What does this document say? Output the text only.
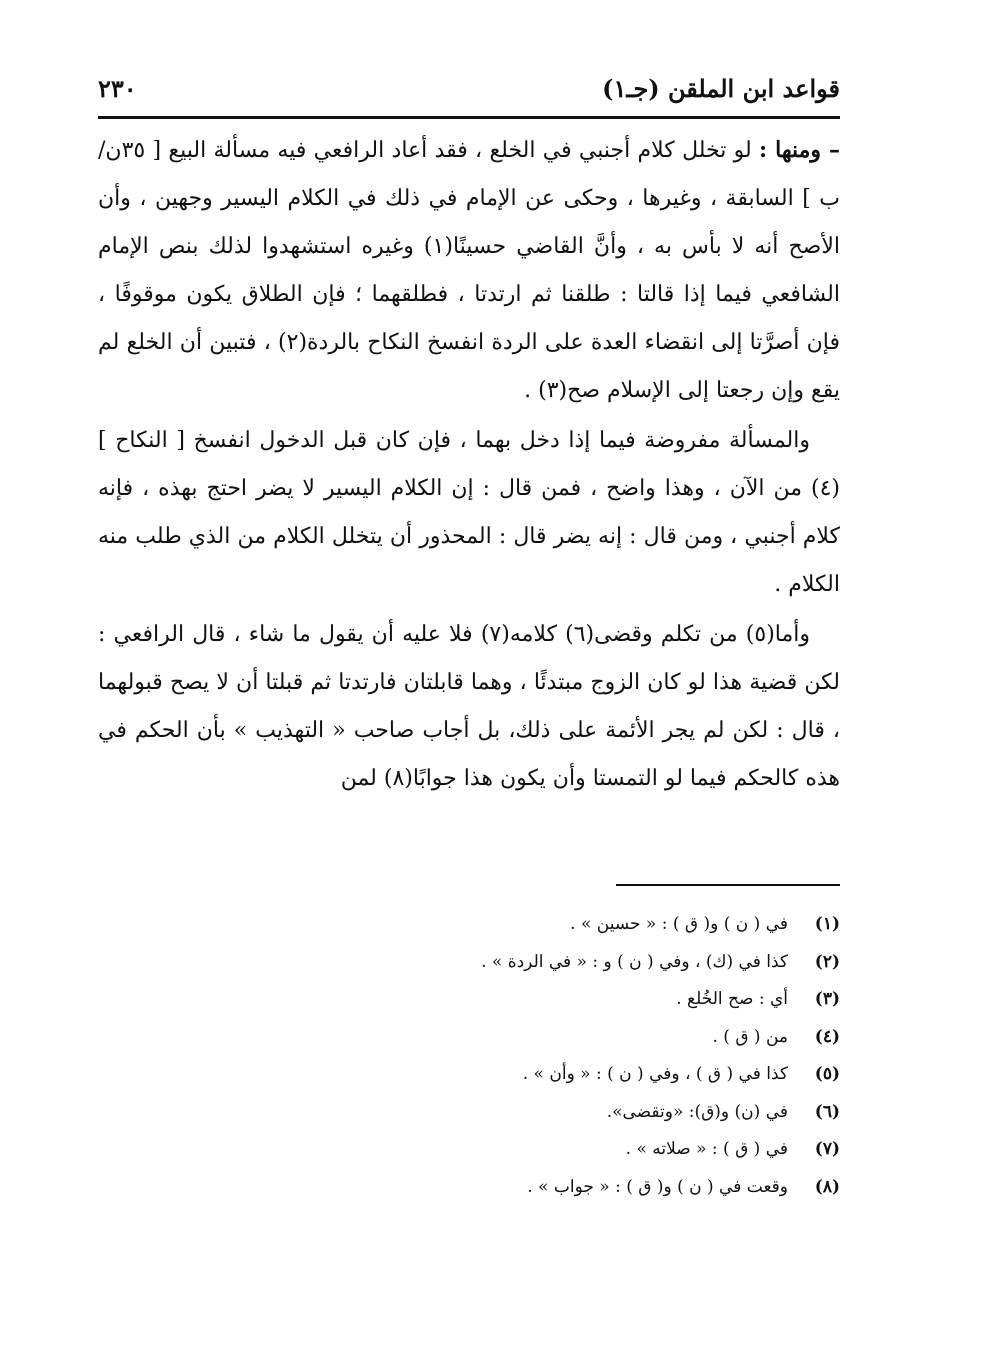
قواعد ابن الملقن (جـ١)
٢٣٠

– ومنها : لو تخلل كلام أجنبي في الخلع ، فقد أعاد الرافعي فيه مسألة البيع [ ٣٥ن/ب ] السابقة ، وغيرها ، وحكى عن الإمام في ذلك في الكلام اليسير وجهين ، وأن الأصح أنه لا بأس به ، وأنَّ القاضي حسينًا(١) وغيره استشهدوا لذلك بنص الإمام الشافعي فيما إذا قالتا : طلقنا ثم ارتدتا ، فطلقهما ؛ فإن الطلاق يكون موقوفًا ، فإن أصرَّتا إلى انقضاء العدة على الردة انفسخ النكاح بالردة(٢) ، فتبين أن الخلع لم يقع وإن رجعتا إلى الإسلام صح(٣) .

والمسألة مفروضة فيما إذا دخل بهما ، فإن كان قبل الدخول انفسخ [ النكاح ](٤) من الآن ، وهذا واضح ، فمن قال : إن الكلام اليسير لا يضر احتج بهذه ، فإنه كلام أجنبي ، ومن قال : إنه يضر قال : المحذور أن يتخلل الكلام من الذي طلب منه الكلام .

وأما(٥) من تكلم وقضى(٦) كلامه(٧) فلا عليه أن يقول ما شاء ، قال الرافعي : لكن قضية هذا لو كان الزوج مبتدئًا ، وهما قابلتان فارتدتا ثم قبلتا أن لا يصح قبولهما ، قال : لكن لم يجر الأئمة على ذلك، بل أجاب صاحب « التهذيب » بأن الحكم في هذه كالحكم فيما لو التمستا وأن يكون هذا جوابًا(٨) لمن

(١)في ( ن ) و( ق ) : « حسين » .
(٢)كذا في (ك) ، وفي ( ن ) و : « في الردة » .
(٣)أي : صح الخُلع .
(٤)من ( ق ) .
(٥)كذا في ( ق ) ، وفي ( ن ) : « وأن » .
(٦)في (ن) و(ق): «وتقضى».
(٧)في ( ق ) : « صلاته » .
(٨)وقعت في ( ن ) و( ق ) : « جواب » .
